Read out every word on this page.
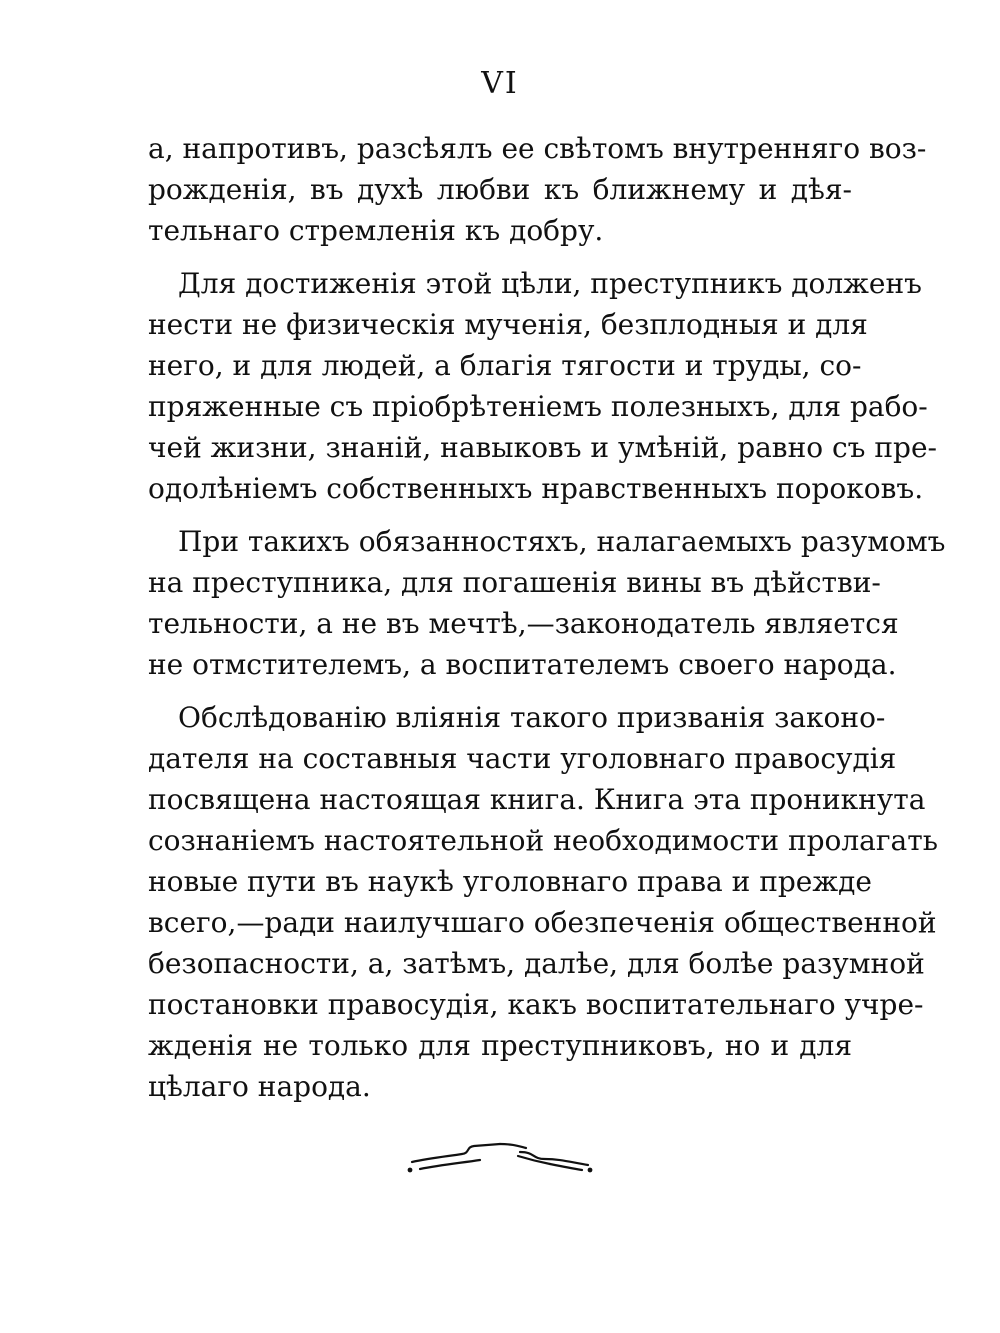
VI
а, напротивъ, разсѣялъ ее свѣтомъ внутренняго воз-
рожденія, въ духѣ любви къ ближнему и дѣя-
тельнаго стремленія къ добру.
Для достиженія этой цѣли, преступникъ долженъ
нести не физическія мученія, безплодныя и для
него, и для людей, а благія тягости и труды, со-
пряженные съ пріобрѣтеніемъ полезныхъ, для рабо-
чей жизни, знаній, навыковъ и умѣній, равно съ пре-
одолѣніемъ собственныхъ нравственныхъ пороковъ.
При такихъ обязанностяхъ, налагаемыхъ разумомъ
на преступника, для погашенія вины въ дѣйстви-
тельности, а не въ мечтѣ,—законодатель является
не отмстителемъ, а воспитателемъ своего народа.
Обслѣдованію вліянія такого призванія законо-
дателя на составныя части уголовнаго правосудія
посвящена настоящая книга. Книга эта проникнута
сознаніемъ настоятельной необходимости пролагать
новые пути въ наукѣ уголовнаго права и прежде
всего,—ради наилучшаго обезпеченія общественной
безопасности, а, затѣмъ, далѣе, для болѣе разумной
постановки правосудія, какъ воспитательнаго учре-
жденія не только для преступниковъ, но и для
цѣлаго народа.
